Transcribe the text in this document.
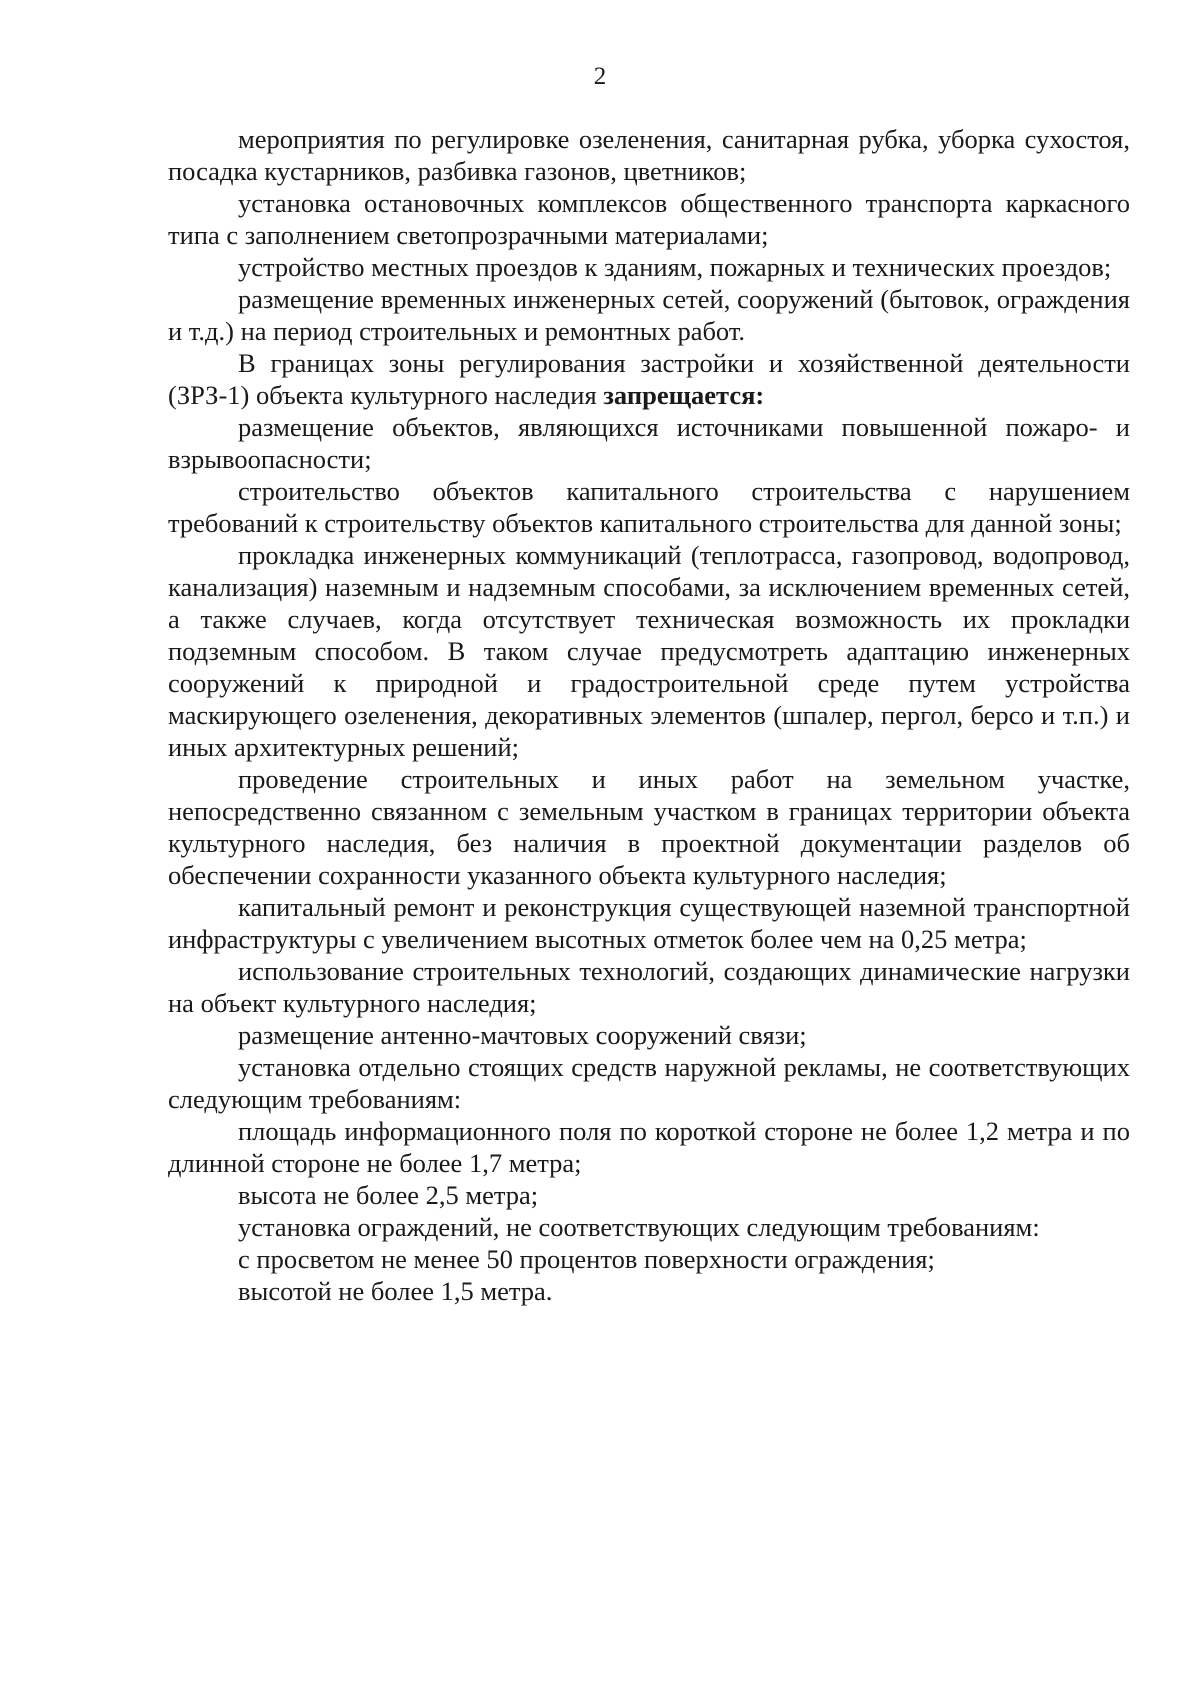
2

мероприятия по регулировке озеленения, санитарная рубка, уборка сухостоя, посадка кустарников, разбивка газонов, цветников;

установка остановочных комплексов общественного транспорта каркасного типа с заполнением светопрозрачными материалами;

устройство местных проездов к зданиям, пожарных и технических проездов;

размещение временных инженерных сетей, сооружений (бытовок, ограждения и т.д.) на период строительных и ремонтных работ.

В границах зоны регулирования застройки и хозяйственной деятельности (ЗРЗ-1) объекта культурного наследия запрещается:

размещение объектов, являющихся источниками повышенной пожаро- и взрывоопасности;

строительство объектов капитального строительства с нарушением требований к строительству объектов капитального строительства для данной зоны;

прокладка инженерных коммуникаций (теплотрасса, газопровод, водопровод, канализация) наземным и надземным способами, за исключением временных сетей, а также случаев, когда отсутствует техническая возможность их прокладки подземным способом. В таком случае предусмотреть адаптацию инженерных сооружений к природной и градостроительной среде путем устройства маскирующего озеленения, декоративных элементов (шпалер, пергол, берсо и т.п.) и иных архитектурных решений;

проведение строительных и иных работ на земельном участке, непосредственно связанном с земельным участком в границах территории объекта культурного наследия, без наличия в проектной документации разделов об обеспечении сохранности указанного объекта культурного наследия;

капитальный ремонт и реконструкция существующей наземной транспортной инфраструктуры с увеличением высотных отметок более чем на 0,25 метра;

использование строительных технологий, создающих динамические нагрузки на объект культурного наследия;

размещение антенно-мачтовых сооружений связи;

установка отдельно стоящих средств наружной рекламы, не соответствующих следующим требованиям:

площадь информационного поля по короткой стороне не более 1,2 метра и по длинной стороне не более 1,7 метра;

высота не более 2,5 метра;

установка ограждений, не соответствующих следующим требованиям:

с просветом не менее 50 процентов поверхности ограждения;

высотой не более 1,5 метра.
